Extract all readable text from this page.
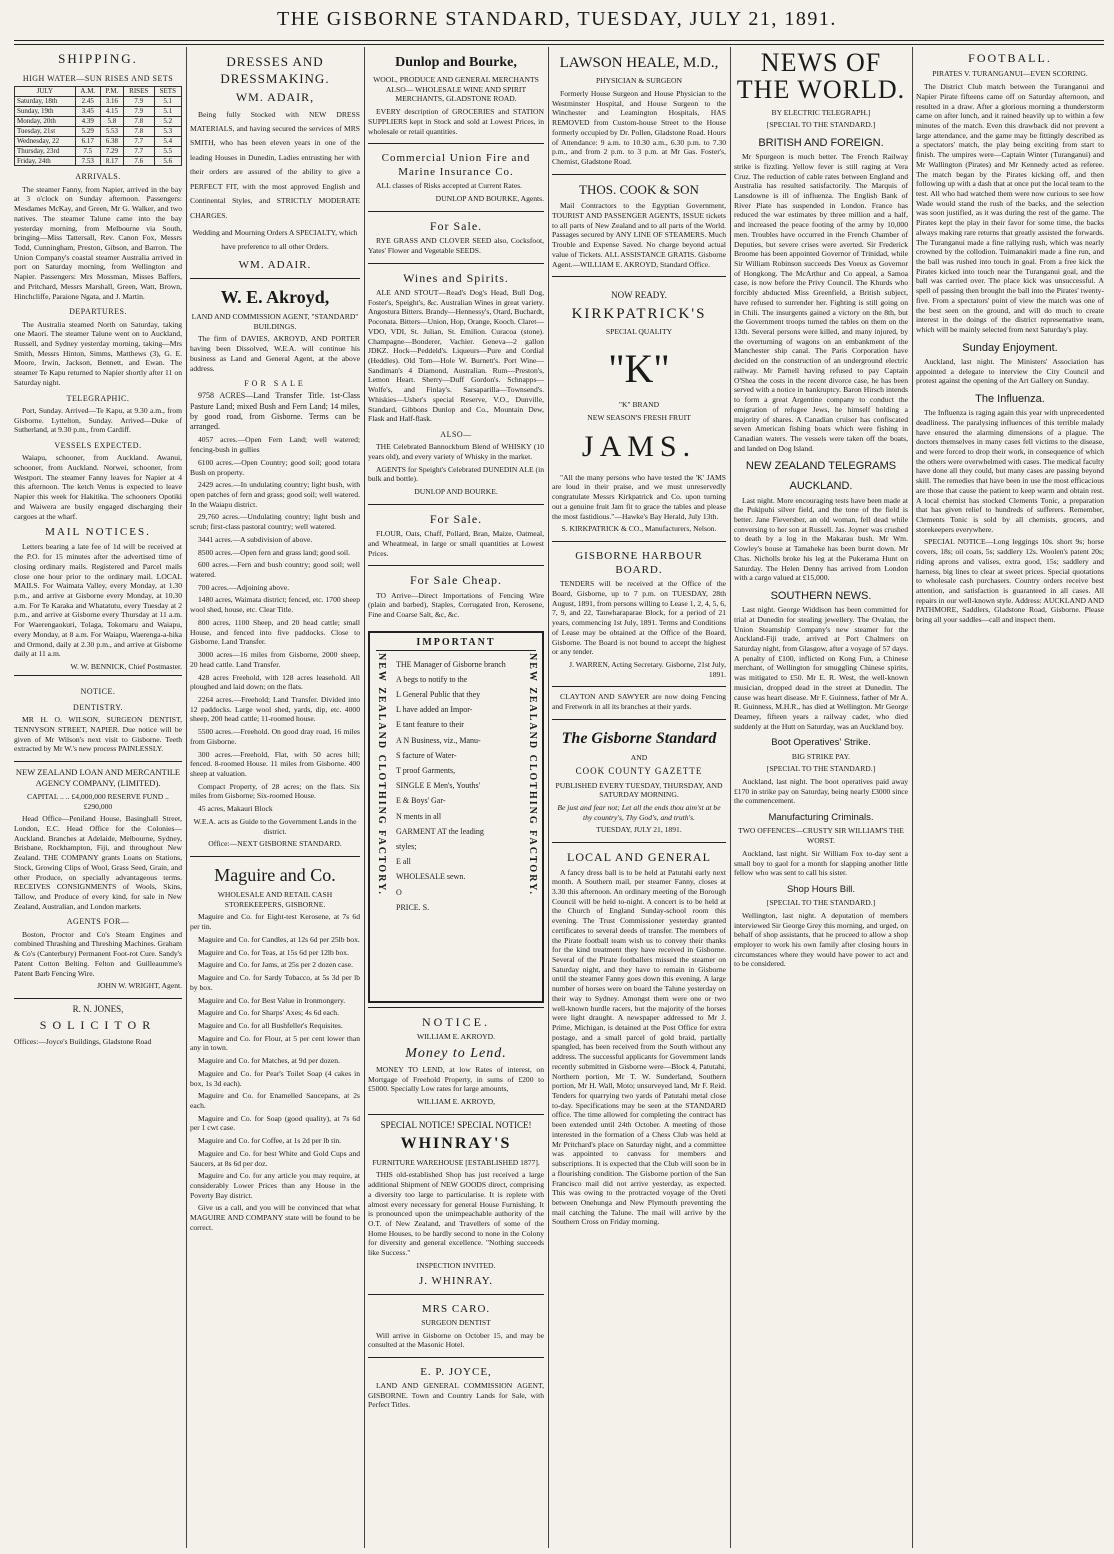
THE GISBORNE STANDARD, TUESDAY, JULY 21, 1891.
SHIPPING.
HIGH WATER—SUN RISES AND SETS
JULY	A.M.	P.M.	RISES	SETS
Saturday, 18th	2.45	3.16	7.9	5.1
Sunday, 19th	3.45	4.15	7.9	5.1
Monday, 20th	4.39	5.8	7.8	5.2
Tuesday, 21st	5.29	5.53	7.8	5.3
Wednesday, 22	6.17	6.38	7.7	5.4
Thursday, 23rd	7.5	7.29	7.7	5.5
Friday, 24th	7.53	8.17	7.6	5.6
ARRIVALS.

The steamer Fanny, from Napier, arrived in the bay at 3 o'clock on Sunday afternoon. Passengers: Mesdames McKay, and Green, Mr G. Walker, and two natives. The steamer Talune came into the bay yesterday morning, from Melbourne via South, bringing—Miss Tattersall, Rev. Canon Fox, Messrs Todd, Cunningham, Preston, Gibson, and Barron. The Union Company's coastal steamer Australia arrived in port on Saturday morning, from Wellington and Napier. Passengers: Mrs Mossman, Misses Baffers, and Pritchard, Messrs Marshall, Green, Watt, Brown, Hinchcliffe, Paraione Ngata, and J. Martin.

DEPARTURES.

The Australia steamed North on Saturday, taking one Maori. The steamer Talune went on to Auckland, Russell, and Sydney yesterday morning, taking—Mrs Smith, Messrs Hinton, Simms, Matthews (3), G. E. Moore, Irwin, Jackson, Bennett, and Ewan. The steamer Te Kapu returned to Napier shortly after 11 on Saturday night.

TELEGRAPHIC.

Port, Sunday. Arrived—Te Kapu, at 9.30 a.m., from Gisborne. Lyttelton, Sunday. Arrived—Duke of Sutherland, at 9.30 p.m., from Cardiff.

VESSELS EXPECTED.

Waiapu, schooner, from Auckland. Awanui, schooner, from Auckland. Norwei, schooner, from Westport. The steamer Fanny leaves for Napier at 4 this afternoon. The ketch Venus is expected to leave Napier this week for Hakitika. The schooners Opotiki and Waiwera are busily engaged discharging their cargoes at the wharf.

MAIL NOTICES.

Letters bearing a late fee of 1d will be received at the P.O. for 15 minutes after the advertised time of closing ordinary mails. Registered and Parcel mails close one hour prior to the ordinary mail. LOCAL MAILS. For Waimata Valley, every Monday, at 1.30 p.m., and arrive at Gisborne every Monday, at 10.30 a.m. For Te Karaka and Whatatutu, every Tuesday at 2 p.m., and arrive at Gisborne every Thursday at 11 a.m. For Waerengaokuri, Tolaga, Tokomaru and Waiapu, every Monday, at 8 a.m. For Waiapu, Waerenga-a-hika and Ormond, daily at 2.30 p.m., and arrive at Gisborne daily at 11 a.m.

W. W. BENNICK, Chief Postmaster.

NOTICE.
DENTISTRY.

MR H. O. WILSON, SURGEON DENTIST, TENNYSON STREET, NAPIER. Due notice will be given of Mr Wilson's next visit to Gisborne. Teeth extracted by Mr W.'s new process PAINLESSLY.

NEW ZEALAND LOAN AND MERCANTILE AGENCY COMPANY, (LIMITED).

CAPITAL .. .. £4,000,000 RESERVE FUND .. £290,000

Head Office—Peniland House, Basinghall Street, London, E.C. Head Office for the Colonies—Auckland. Branches at Adelaide, Melbourne, Sydney, Brisbane, Rockhampton, Fiji, and throughout New Zealand. THE COMPANY grants Loans on Stations, Stock, Growing Clips of Wool, Grass Seed, Grain, and other Produce, on specially advantageous terms. RECEIVES CONSIGNMENTS of Wools, Skins, Tallow, and Produce of every kind, for sale in New Zealand, Australian, and London markets.

AGENTS FOR—

Boston, Proctor and Co's Steam Engines and combined Thrashing and Threshing Machines. Graham & Co's (Canterbury) Permanent Foot-rot Cure. Sandy's Patent Cotton Belting. Felton and Guilleaumme's Patent Barb Fencing Wire.

JOHN W. WRIGHT, Agent.

R. N. JONES,

SOLICITOR

Offices:—Joyce's Buildings, Gladstone Road

DRESSES AND DRESSMAKING.
WM. ADAIR,

Being fully Stocked with NEW DRESS MATERIALS, and having secured the services of MRS SMITH, who has been eleven years in one of the leading Houses in Dunedin, Ladies entrusting her with their orders are assured of the ability to give a PERFECT FIT, with the most approved English and Continental Styles, and STRICTLY MODERATE CHARGES.

Wedding and Mourning Orders A SPECIALTY, which have preference to all other Orders.

WM. ADAIR.
W. E. Akroyd,

LAND AND COMMISSION AGENT, "STANDARD" BUILDINGS.

The firm of DAVIES, AKROYD, AND PORTER having been Dissolved, W.E.A. will continue his business as Land and General Agent, at the above address.

FOR SALE

9758 ACRES—Land Transfer Title. 1st-Class Pasture Land; mixed Bush and Fern Land; 14 miles, by good road, from Gisborne. Terms can be arranged.

4057 acres.—Open Fern Land; well watered; fencing-bush in gullies

6100 acres.—Open Country; good soil; good totara Bush on property.

2429 acres.—In undulating country; light bush, with open patches of fern and grass; good soil; well watered. In the Waiapu district.

29,760 acres.—Undulating country; light bush and scrub; first-class pastoral country; well watered.

3441 acres.—A subdivision of above.

8500 acres.—Open fern and grass land; good soil.

600 acres.—Fern and bush country; good soil; well watered.

700 acres.—Adjoining above.

1480 acres, Waimata district; fenced, etc. 1700 sheep wool shed, house, etc. Clear Title.

800 acres, 1100 Sheep, and 20 head cattle; small House, and fenced into five paddocks. Close to Gisborne. Land Transfer.

3000 acres—16 miles from Gisborne, 2000 sheep, 20 head cattle. Land Transfer.

428 acres Freehold, with 128 acres leasehold. All ploughed and laid down; on the flats.

2264 acres.—Freehold; Land Transfer. Divided into 12 paddocks. Large wool shed, yards, dip, etc. 4000 sheep, 200 head cattle; 11-roomed house.

5500 acres.—Freehold. On good dray road, 16 miles from Gisborne.

300 acres.—Freehold, Flat, with 50 acres hill; fenced. 8-roomed House. 11 miles from Gisborne. 400 sheep at valuation.

Compact Property, of 28 acres; on the flats. Six miles from Gisborne; Six-roomed House.

45 acres, Makauri Block

W.E.A. acts as Guide to the Government Lands in the district.

Office:—NEXT GISBORNE STANDARD.

Maguire and Co.

WHOLESALE AND RETAIL CASH STOREKEEPERS, GISBORNE.

Maguire and Co. for Eight-test Kerosene, at 7s 6d per tin.

Maguire and Co. for Candles, at 12s 6d per 25lb box.

Maguire and Co. for Teas, at 15s 6d per 12lb box.

Maguire and Co. for Jams, at 25s per 2 dozen case.

Maguire and Co. for Sardy Tobacco, at 5s 3d per lb by box.

Maguire and Co. for Best Value in Ironmongery.

Maguire and Co. for Sharps' Axes; 4s 6d each.

Maguire and Co. for all Bushfeller's Requisites.

Maguire and Co. for Flour, at 5 per cent lower than any in town.

Maguire and Co. for Matches, at 9d per dozen.

Maguire and Co. for Pear's Toilet Soap (4 cakes in box, 1s 3d each).

Maguire and Co. for Enamelled Saucepans, at 2s each.

Maguire and Co. for Soap (good quality), at 7s 6d per 1 cwt case.

Maguire and Co. for Coffee, at 1s 2d per lb tin.

Maguire and Co. for best White and Gold Cups and Saucers, at 8s 6d per doz.

Maguire and Co. for any article you may require, at considerably Lower Prices than any House in the Poverty Bay district.

Give us a call, and you will be convinced that what MAGUIRE AND COMPANY state will be found to be correct.

Dunlop and Bourke,

WOOL, PRODUCE AND GENERAL MERCHANTS ALSO— WHOLESALE WINE AND SPIRIT MERCHANTS, GLADSTONE ROAD.

EVERY description of GROCERIES and STATION SUPPLIERS kept in Stock and sold at Lowest Prices, in wholesale or retail quantities.

Commercial Union Fire and Marine Insurance Co.

ALL classes of Risks accepted at Current Rates.

DUNLOP AND BOURKE, Agents.

For Sale.

RYE GRASS AND CLOVER SEED also, Cocksfoot, Yates' Flower and Vegetable SEEDS.

Wines and Spirits.

ALE AND STOUT—Read's Dog's Head, Bull Dog, Foster's, Speight's, &c. Australian Wines in great variety. Angostura Bitters. Brandy—Hennessy's, Otard, Buchardt, Poconata. Bitters—Union, Hop, Orange, Kooch. Claret—VDO, VDI, St. Julian, St. Emilion. Curacoa (stone). Champagne—Bonderer, Vachier. Geneva—2 gallon JDKZ. Hock—Peddeld's. Liqueurs—Pure and Cordial (Heddles). Old Tom—Hole W. Burnett's. Port Wine—Sandiman's 4 Diamond, Australian. Rum—Preston's, Lemon Heart. Sherry—Duff Gordon's. Schnapps—Wolfe's, and Finlay's. Sarsaparilla—Townsend's. Whiskies—Usher's special Reserve, V.O., Dunville, Standard, Gibbons Dunlop and Co., Mountain Dew, Flask and Half-flask.

ALSO—

THE Celebrated Bannockburn Blend of WHISKY (10 years old), and every variety of Whisky in the market.

AGENTS for Speight's Celebrated DUNEDIN ALE (in bulk and bottle).

DUNLOP AND BOURKE.

For Sale.

FLOUR, Oats, Chaff, Pollard, Bran, Maize, Oatmeal, and Wheatmeal, in large or small quantities at Lowest Prices.

For Sale Cheap.

TO Arrive—Direct Importations of Fencing Wire (plain and barbed), Staples, Corrugated Iron, Kerosene, Fine and Coarse Salt, &c, &c.

IMPORTANT
NEW ZEALAND CLOTHING FACTORY.	NEW ZEALAND CLOTHING FACTORY.
THE Manager of Gisborne branch
A begs to notify to the
L General Public that they
L have added an Impor-
E tant feature to their
A N Business, viz., Manu-
S facture of Water-
T proof Garments,
SINGLE E Men's, Youths'
E & Boys' Gar-
N ments in all
GARMENT AT the leading
styles;
E all
WHOLESALE sewn.
O
PRICE. S.
NOTICE.

WILLIAM E. AKROYD.

Money to Lend.

MONEY TO LEND, at low Rates of interest, on Mortgage of Freehold Property, in sums of £200 to £5000. Specially Low rates for large amounts,

WILLIAM E. AKROYD,

SPECIAL NOTICE! SPECIAL NOTICE!

WHINRAY'S

FURNITURE WAREHOUSE [ESTABLISHED 1877].

THIS old-established Shop has just received a large additional Shipment of NEW GOODS direct, comprising a diversity too large to particularise. It is replete with almost every necessary for general House Furnishing. It is pronounced upon the unimpeachable authority of the O.T. of New Zealand, and Travellers of some of the Home Houses, to be hardly second to none in the Colony for diversity and general excellence. "Nothing succeeds like Success."

INSPECTION INVITED.

J. WHINRAY.
MRS CARO.

SURGEON DENTIST

Will arrive in Gisborne on October 15, and may be consulted at the Masonic Hotel.

E. P. JOYCE,

LAND AND GENERAL COMMISSION AGENT, GISBORNE. Town and Country Lands for Sale, with Perfect Titles.

LAWSON HEALE, M.D.,

PHYSICIAN & SURGEON

Formerly House Surgeon and House Physician to the Westminster Hospital, and House Surgeon to the Winchester and Leamington Hospitals, HAS REMOVED from Custom-house Street to the House formerly occupied by Dr. Pollen, Gladstone Road. Hours of Attendance: 9 a.m. to 10.30 a.m., 6.30 p.m. to 7.30 p.m., and from 2 p.m. to 3 p.m. at Mr Gas. Foster's, Chemist, Gladstone Road.

THOS. COOK & SON

Mail Contractors to the Egyptian Government, TOURIST AND PASSENGER AGENTS, ISSUE tickets to all parts of New Zealand and to all parts of the World. Passages secured by ANY LINE OF STEAMERS. Much Trouble and Expense Saved. No charge beyond actual value of Tickets. ALL ASSISTANCE GRATIS. Gisborne Agent.—WILLIAM E. AKROYD, Standard Office.

NOW READY.

KIRKPATRICK'S

SPECIAL QUALITY

"K"

"K" BRAND

NEW SEASON'S FRESH FRUIT

JAMS.

"All the many persons who have tested the 'K' JAMS are loud in their praise, and we must unreservedly congratulate Messrs Kirkpatrick and Co. upon turning out a genuine fruit Jam fit to grace the tables and please the most fastidious."—Hawke's Bay Herald, July 13th.

S. KIRKPATRICK & CO., Manufacturers, Nelson.

GISBORNE HARBOUR BOARD.

TENDERS will be received at the Office of the Board, Gisborne, up to 7 p.m. on TUESDAY, 28th August, 1891, from persons willing to Lease 1, 2, 4, 5, 6, 7, 9, and 22, Tauwharaparae Block, for a period of 21 years, commencing 1st July, 1891. Terms and Conditions of Lease may be obtained at the Office of the Board, Gisborne. The Board is not bound to accept the highest or any tender.

J. WARREN, Acting Secretary. Gisborne, 21st July, 1891.

CLAYTON AND SAWYER are now doing Fencing and Fretwork in all its branches at their yards.

The Gisborne Standard

AND

COOK COUNTY GAZETTE

PUBLISHED EVERY TUESDAY, THURSDAY, AND SATURDAY MORNING.

Be just and fear not; Let all the ends thou aim'st at be thy country's, Thy God's, and truth's.

TUESDAY, JULY 21, 1891.

LOCAL AND GENERAL

A fancy dress ball is to be held at Patutahi early next month. A Southern mail, per steamer Fanny, closes at 3.30 this afternoon. An ordinary meeting of the Borough Council will be held to-night. A concert is to be held at the Church of England Sunday-school room this evening. The Trust Commissioner yesterday granted certificates to several deeds of transfer. The members of the Pirate football team wish us to convey their thanks for the kind treatment they have received in Gisborne. Several of the Pirate footballers missed the steamer on Saturday night, and they have to remain in Gisborne until the steamer Fanny goes down this evening. A large number of horses were on board the Talune yesterday on their way to Sydney. Amongst them were one or two well-known hurdle racers, but the majority of the horses were light draught. A newspaper addressed to Mr J. Prime, Michigan, is detained at the Post Office for extra postage, and a small parcel of gold braid, partially spangled, has been received from the South without any address. The successful applicants for Government lands recently submitted in Gisborne were—Block 4, Patutahi, Northern portion, Mr T. W. Sunderland, Southern portion, Mr H. Wall, Moto; unsurveyed land, Mr F. Reid. Tenders for quarrying two yards of Patutahi metal close to-day. Specifications may be seen at the STANDARD office. The time allowed for completing the contract has been extended until 24th October. A meeting of those interested in the formation of a Chess Club was held at Mr Pritchard's place on Saturday night, and a committee was appointed to canvass for members and subscriptions. It is expected that the Club will soon be in a flourishing condition. The Gisborne portion of the San Francisco mail did not arrive yesterday, as expected. This was owing to the protracted voyage of the Oreti between Onehunga and New Plymouth preventing the mail catching the Talune. The mail will arrive by the Southern Cross on Friday morning.

NEWS OF THE WORLD.

BY ELECTRIC TELEGRAPH.]

[SPECIAL TO THE STANDARD.]

BRITISH AND FOREIGN.

Mr Spurgeon is much better. The French Railway strike is fizzling. Yellow fever is still raging at Vera Cruz. The reduction of cable rates between England and Australia has resulted satisfactorily. The Marquis of Lansdowne is ill of influenza. The English Bank of River Plate has suspended in London. France has reduced the war estimates by three million and a half, and increased the peace footing of the army by 10,000 men. Troubles have occurred in the French Chamber of Deputies, but severe crises were averted. Sir Frederick Broome has been appointed Governor of Trinidad, while Sir William Robinson succeeds Des Voeux as Governor of Hongkong. The McArthur and Co appeal, a Samoa case, is now before the Privy Council. The Khurds who forcibly abducted Miss Greenfield, a British subject, have refused to surrender her. Fighting is still going on in Chili. The insurgents gained a victory on the 8th, but the Government troops turned the tables on them on the 13th. Several persons were killed, and many injured, by the overturning of wagons on an embankment of the Manchester ship canal. The Paris Corporation have decided on the construction of an underground electric railway. Mr Parnell having refused to pay Captain O'Shea the costs in the recent divorce case, he has been served with a notice in bankruptcy. Baron Hirsch intends to form a great Argentine company to conduct the emigration of refugee Jews, he himself holding a majority of shares. A Canadian cruiser has confiscated seven American fishing boats which were fishing in Canadian waters. The vessels were taken off the boats, and landed on Dog Island.

NEW ZEALAND TELEGRAMS
AUCKLAND.

Last night. More encouraging tests have been made at the Pukipuhi silver field, and the tone of the field is better. Jane Fieversber, an old woman, fell dead while conversing to her son at Russell. Jas. Joyner was crushed to death by a log in the Makarau bush. Mr Wm. Cowley's house at Tamaheke has been burnt down. Mr Chas. Nicholls broke his leg at the Pukerama Hunt on Saturday. The Helen Denny has arrived from London with a cargo valued at £15,000.

SOUTHERN NEWS.

Last night. George Widdison has been committed for trial at Dunedin for stealing jewellery. The Ovalau, the Union Steamship Company's new steamer for the Auckland-Fiji trade, arrived at Port Chalmers on Saturday night, from Glasgow, after a voyage of 57 days. A penalty of £100, inflicted on Kong Fun, a Chinese merchant, of Wellington for smuggling Chinese spirits, was mitigated to £50. Mr E. R. West, the well-known musician, dropped dead in the street at Dunedin. The cause was heart disease. Mr F. Guinness, father of Mr A. R. Guinness, M.H.R., has died at Wellington. Mr George Dearney, fifteen years a railway cadet, who died suddenly at the Hutt on Saturday, was an Auckland boy.

Boot Operatives' Strike.

BIG STRIKE PAY.

[SPECIAL TO THE STANDARD.]

Auckland, last night. The boot operatives paid away £170 in strike pay on Saturday, being nearly £3000 since the commencement.

Manufacturing Criminals.

TWO OFFENCES—CRUSTY SIR WILLIAM'S THE WORST.

Auckland, last night. Sir William Fox to-day sent a small boy to gaol for a month for slapping another little fellow who was sent to call his sister.

Shop Hours Bill.

[SPECIAL TO THE STANDARD.]

Wellington, last night. A deputation of members interviewed Sir George Grey this morning, and urged, on behalf of shop assistants, that he proceed to allow a shop employer to work his own family after closing hours in circumstances where they would have power to act and to be considered.

FOOTBALL.

PIRATES V. TURANGANUI—EVEN SCORING.

The District Club match between the Turanganui and Napier Pirate fifteens came off on Saturday afternoon, and resulted in a draw. After a glorious morning a thunderstorm came on after lunch, and it rained heavily up to within a few minutes of the match. Even this drawback did not prevent a large attendance, and the game may be fittingly described as a spectators' match, the play being exciting from start to finish. The umpires were—Captain Winter (Turanganui) and Mr Wallington (Pirates) and Mr Kennedy acted as referee. The match began by the Pirates kicking off, and then following up with a dash that at once put the local team to the test. All who had watched them were now curious to see how Wade would stand the rush of the backs, and the selection was soon justified, as it was during the rest of the game. The Pirates kept the play in their favor for some time, the backs always making rare returns that greatly assisted the forwards. The Turanganui made a fine rallying rush, which was nearly crowned by the collodion. Tuimanakiri made a fine run, and the ball was rushed into touch in goal. From a free kick the Pirates kicked into touch near the Turanganui goal, and the ball was carried over. The place kick was unsuccessful. A spell of passing then brought the ball into the Pirates' twenty-five. From a spectators' point of view the match was one of the best seen on the ground, and will do much to create interest in the doings of the district representative team, which will be mainly selected from next Saturday's play.

Sunday Enjoyment.

Auckland, last night. The Ministers' Association has appointed a delegate to interview the City Council and protest against the opening of the Art Gallery on Sunday.

The Influenza.

The Influenza is raging again this year with unprecedented deadliness. The paralysing influences of this terrible malady have ensured the alarming dimensions of a plague. The doctors themselves in many cases fell victims to the disease, and were forced to drop their work, in consequence of which the others were overwhelmed with cases. The medical faculty have done all they could, but many cases are passing beyond skill. The remedies that have been in use the most efficacious are those that cause the patient to keep warm and obtain rest. A local chemist has stocked Clements Tonic, a preparation that has given relief to hundreds of sufferers. Remember, Clements Tonic is sold by all chemists, grocers, and storekeepers everywhere.

SPECIAL NOTICE—Long leggings 10s. short 9s; horse covers, 18s; oil coats, 5s; saddlery 12s. Woolen's patent 20s; riding aprons and valises, extra good, 15s; saddlery and harness, big lines to clear at sweet prices. Special quotations to wholesale cash purchasers. Country orders receive best attention, and satisfaction is guaranteed in all cases. All repairs in our well-known style. Address: AUCKLAND AND PATHMORE, Saddlers, Gladstone Road, Gisborne. Please bring all your saddles—call and inspect them.
